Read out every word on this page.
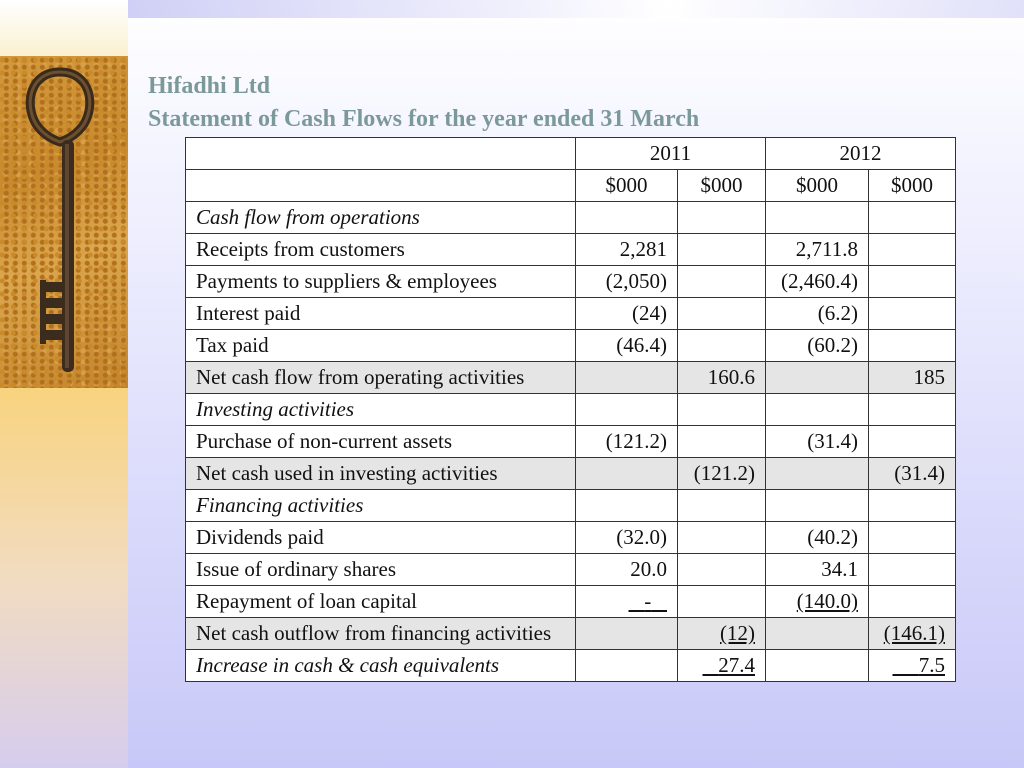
Hifadhi Ltd
Statement of Cash Flows for the year ended 31 March
	2011		2012	
	$000	$000	$000	$000
Cash flow from operations				
Receipts from customers	2,281		2,711.8	
Payments to suppliers & employees	(2,050)		(2,460.4)	
Interest paid	(24)		(6.2)	
Tax paid	(46.4)		(60.2)	
Net cash flow from operating activities		160.6		185
Investing activities				
Purchase of non-current assets	(121.2)		(31.4)	
Net cash used in investing activities		(121.2)		(31.4)
Financing activities				
Dividends paid	(32.0)		(40.2)	
Issue of ordinary shares	20.0		34.1	
Repayment of loan capital	-		(140.0)	
Net cash outflow from financing activities		(12)		(146.1)
Increase in cash & cash equivalents		27.4		7.5
